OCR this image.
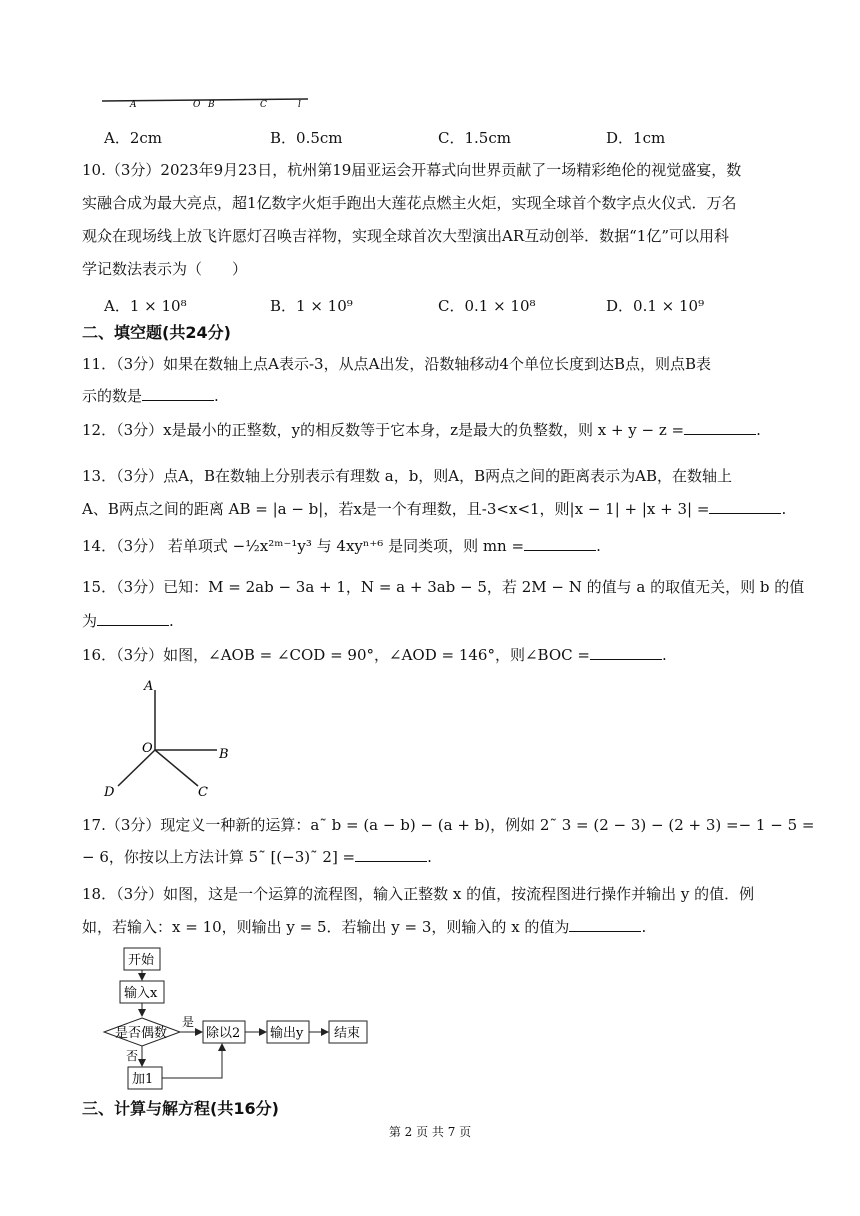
A	O B	C	l
A．2cm	B．0.5cm	C．1.5cm	D．1cm
10.（3分）2023年9月23日，杭州第19届亚运会开幕式向世界贡献了一场精彩绝伦的视觉盛宴，数
实融合成为最大亮点，超1亿数字火炬手跑出大莲花点燃主火炬，实现全球首个数字点火仪式．万名
观众在现场线上放飞许愿灯召唤吉祥物，实现全球首次大型演出AR互动创举．数据“1亿”可以用科
学记数法表示为（　　）
A．1 × 10⁸	B．1 × 10⁹	C．0.1 × 10⁸	D．0.1 × 10⁹
二、填空题(共24分)
11．（3分）如果在数轴上点A表示-3，从点A出发，沿数轴移动4个单位长度到达B点，则点B表
示的数是	.
12．（3分）x是最小的正整数，y的相反数等于它本身，z是最大的负整数，则 x + y − z =	.
13．（3分）点A，B在数轴上分别表示有理数 a，b，则A，B两点之间的距离表示为AB，在数轴上
A、B两点之间的距离 AB = |a − b|，若x是一个有理数，且-3<x<1，则|x − 1| + |x + 3| =	.
14．（3分） 若单项式 −½x²ᵐ⁻¹y³ 与 4xyⁿ⁺⁶ 是同类项，则 mn =	.
15．（3分）已知：M = 2ab − 3a + 1，N = a + 3ab − 5，若 2M − N 的值与 a 的取值无关，则 b 的值
为	.
16．（3分）如图，∠AOB = ∠COD = 90°，∠AOD = 146°，则∠BOC =	.
A
O	B
D	C
17.（3分）现定义一种新的运算：a˜ b = (a − b) − (a + b)，例如 2˜ 3 = (2 − 3) − (2 + 3) =− 1 − 5 =
− 6，你按以上方法计算 5˜ [(−3)˜ 2] =	.
18．（3分）如图，这是一个运算的流程图，输入正整数 x 的值，按流程图进行操作并输出 y 的值．例
如，若输入：x = 10，则输出 y = 5．若输出 y = 3，则输入的 x 的值为	.
开始
输入x
是否偶数
是
除以2 输出y 结束
否
加1
三、计算与解方程(共16分)
第 2 页 共 7 页
